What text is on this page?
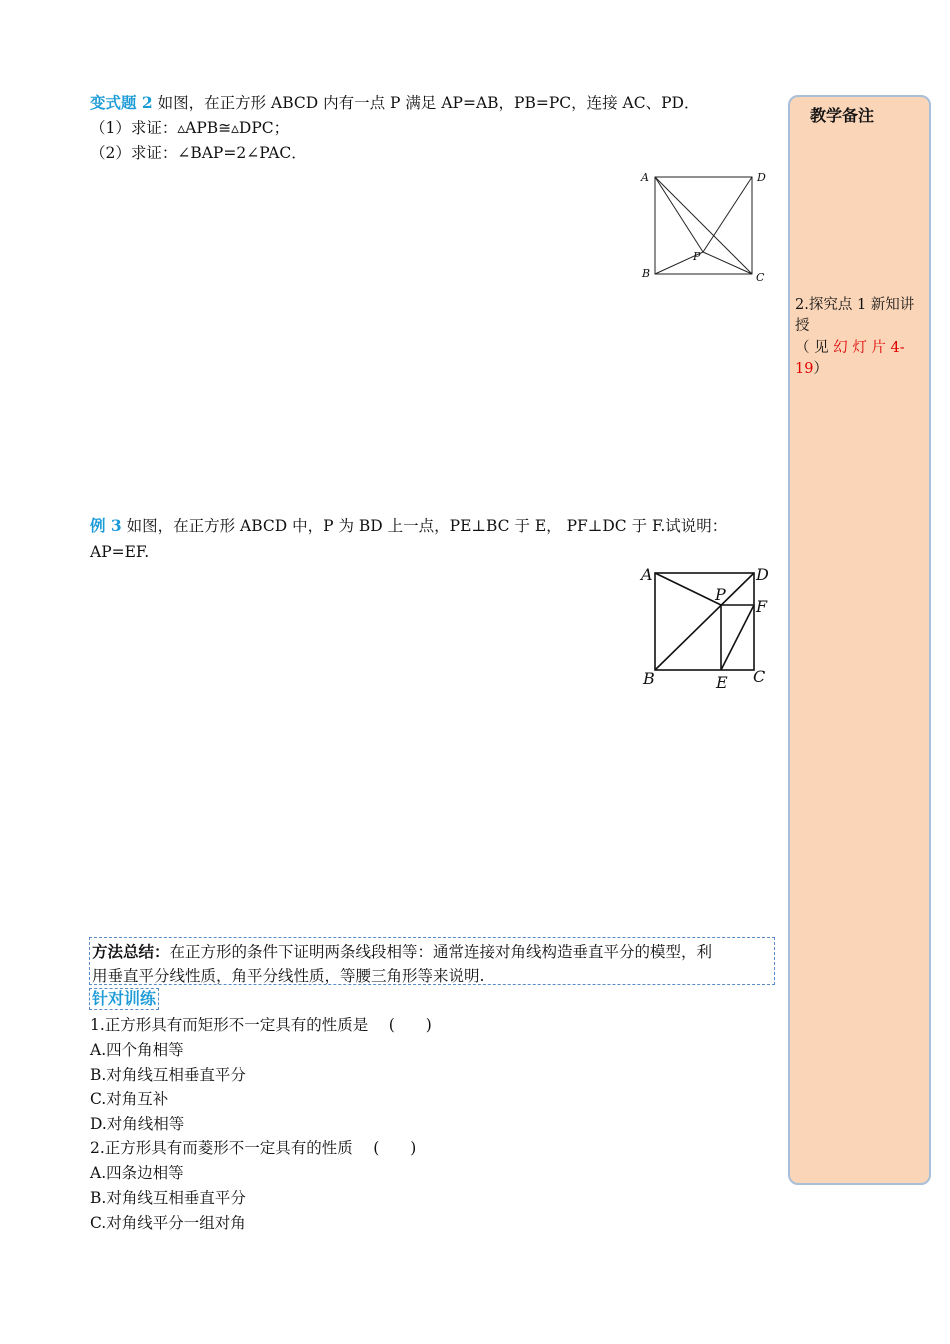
变式题 2 如图，在正方形 ABCD 内有一点 P 满足 AP=AB，PB=PC，连接 AC、PD．
（1）求证：▵APB≅▵DPC；
（2）求证：∠BAP=2∠PAC．
A	D
B	C
P
例 3 如图，在正方形 ABCD 中，P 为 BD 上一点，PE⊥BC 于 E， PF⊥DC 于 F.试说明：
AP=EF.
A	D
P
F
B	E C
方法总结：在正方形的条件下证明两条线段相等：通常连接对角线构造垂直平分的模型，利
用垂直平分线性质，角平分线性质，等腰三角形等来说明.
针对训练
1.正方形具有而矩形不一定具有的性质是　 (　　)
A.四个角相等
B.对角线互相垂直平分
C.对角互补
D.对角线相等
2.正方形具有而菱形不一定具有的性质　 (　　)
A.四条边相等
B.对角线互相垂直平分
C.对角线平分一组对角
教学备注
2.探究点 1 新知讲
授
（ 见 幻 灯 片 4-
19）
